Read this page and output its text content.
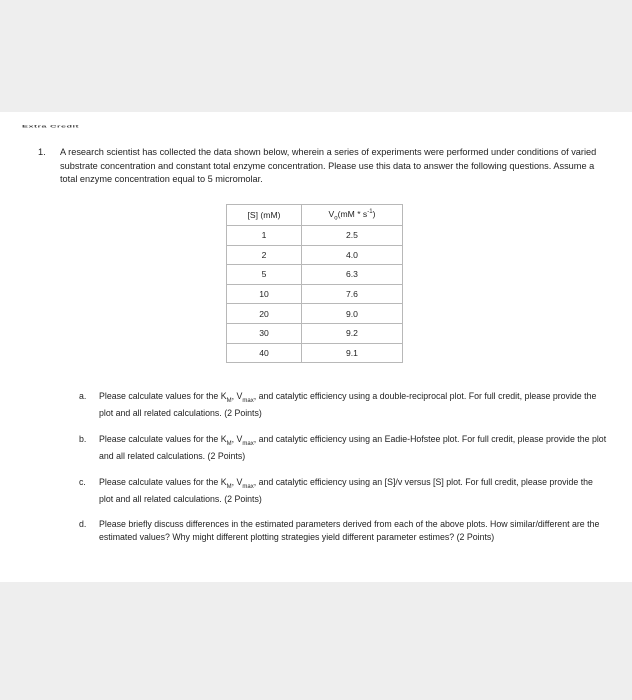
Extra Credit
1. A research scientist has collected the data shown below, wherein a series of experiments were performed under conditions of varied substrate concentration and constant total enzyme concentration. Please use this data to answer the following questions. Assume a total enzyme concentration equal to 5 micromolar.
[S] (mM)	$V_o(mM * s^{-1})$
1	2.5
2	4.0
5	6.3
10	7.6
20	9.0
30	9.2
40	9.1
a. Please calculate values for the $K_M$, $V_{max}$, and catalytic efficiency using a double-reciprocal plot. For full credit, please provide the plot and all related calculations. (2 Points)
b. Please calculate values for the $K_M$, $V_{max}$, and catalytic efficiency using an Eadie-Hofstee plot. For full credit, please provide the plot and all related calculations. (2 Points)
c. Please calculate values for the $K_M$, $V_{max}$, and catalytic efficiency using an [S]/v versus [S] plot. For full credit, please provide the plot and all related calculations. (2 Points)
d. Please briefly discuss differences in the estimated parameters derived from each of the above plots. How similar/different are the estimated values? Why might different plotting strategies yield different parameter estimes? (2 Points)
